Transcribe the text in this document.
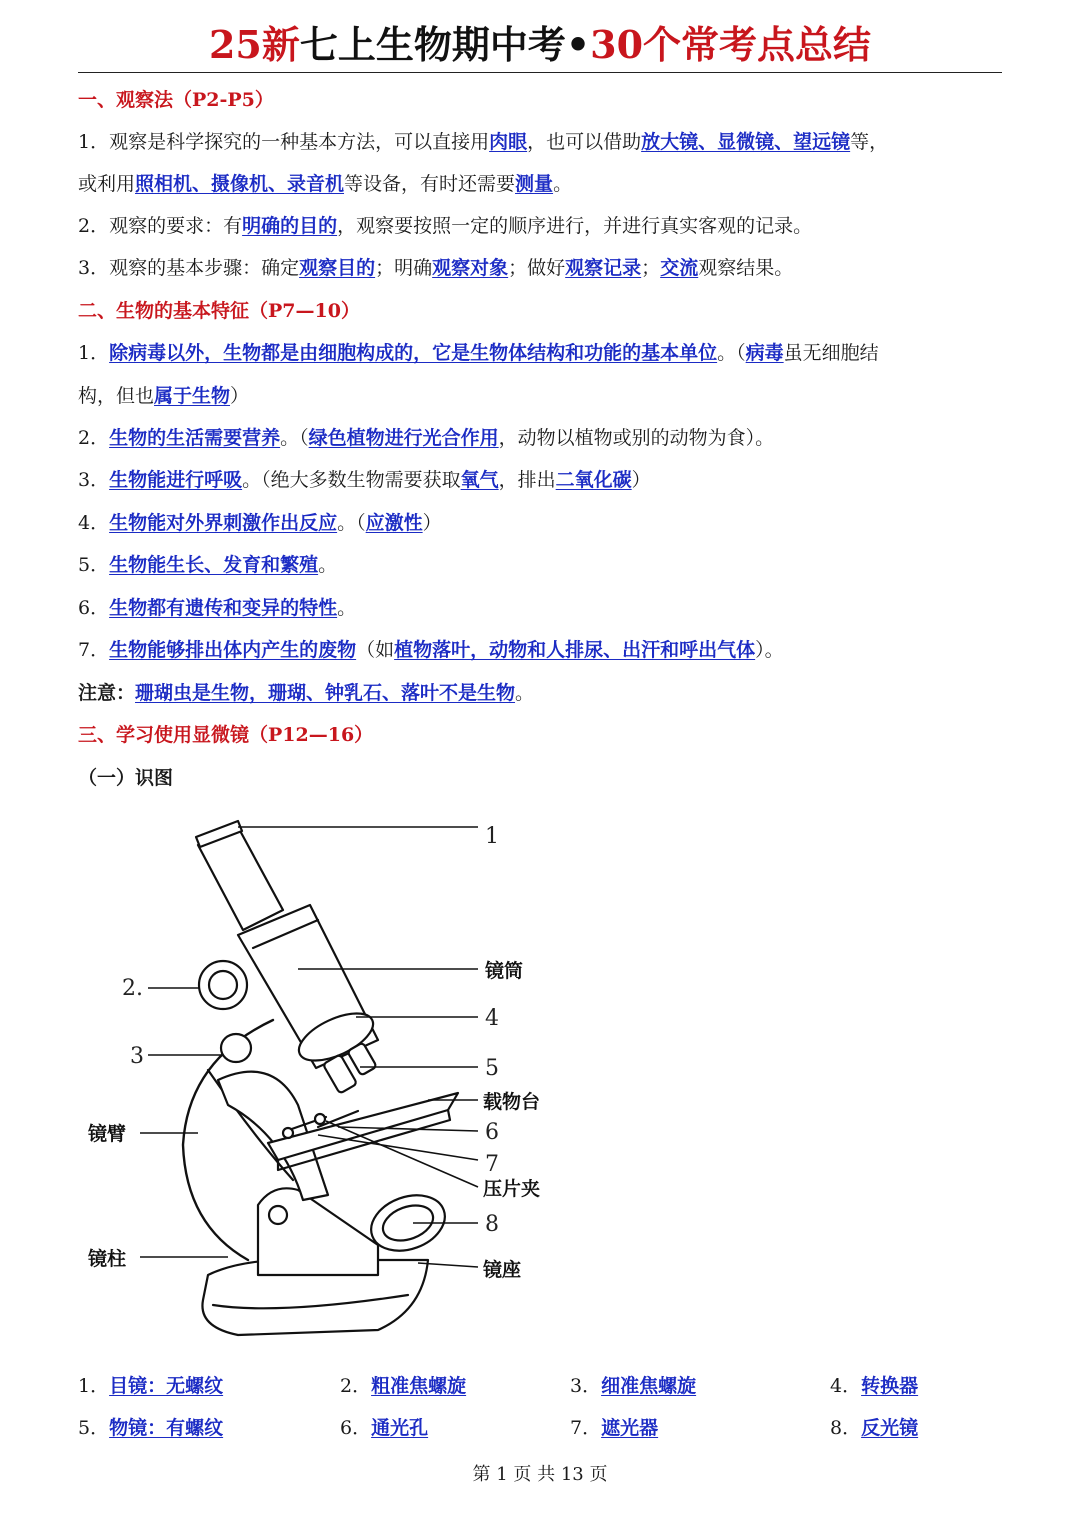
25新七上生物期中考•30个常考点总结
一、观察法（P2-P5）
1．观察是科学探究的一种基本方法，可以直接用肉眼，也可以借助放大镜、显微镜、望远镜等，
或利用照相机、摄像机、录音机等设备，有时还需要测量。
2．观察的要求：有明确的目的，观察要按照一定的顺序进行，并进行真实客观的记录。
3．观察的基本步骤：确定观察目的；明确观察对象；做好观察记录；交流观察结果。
二、生物的基本特征（P7—10）
1．除病毒以外，生物都是由细胞构成的，它是生物体结构和功能的基本单位。（病毒虽无细胞结
构，但也属于生物）
2．生物的生活需要营养。（绿色植物进行光合作用，动物以植物或别的动物为食）。
3．生物能进行呼吸。（绝大多数生物需要获取氧气，排出二氧化碳）
4．生物能对外界刺激作出反应。（应激性）
5．生物能生长、发育和繁殖。
6．生物都有遗传和变异的特性。
7．生物能够排出体内产生的废物（如植物落叶，动物和人排尿、出汗和呼出气体）。
注意：珊瑚虫是生物，珊瑚、钟乳石、落叶不是生物。
三、学习使用显微镜（P12—16）
（一）识图
1
镜筒
2.
3
4
5
载物台
6
7
压片夹
8
镜臂
镜柱	镜座
1．目镜：无螺纹	2．粗准焦螺旋	3．细准焦螺旋	4．转换器
5．物镜：有螺纹	6．通光孔	7．遮光器	8．反光镜
第 1 页 共 13 页
